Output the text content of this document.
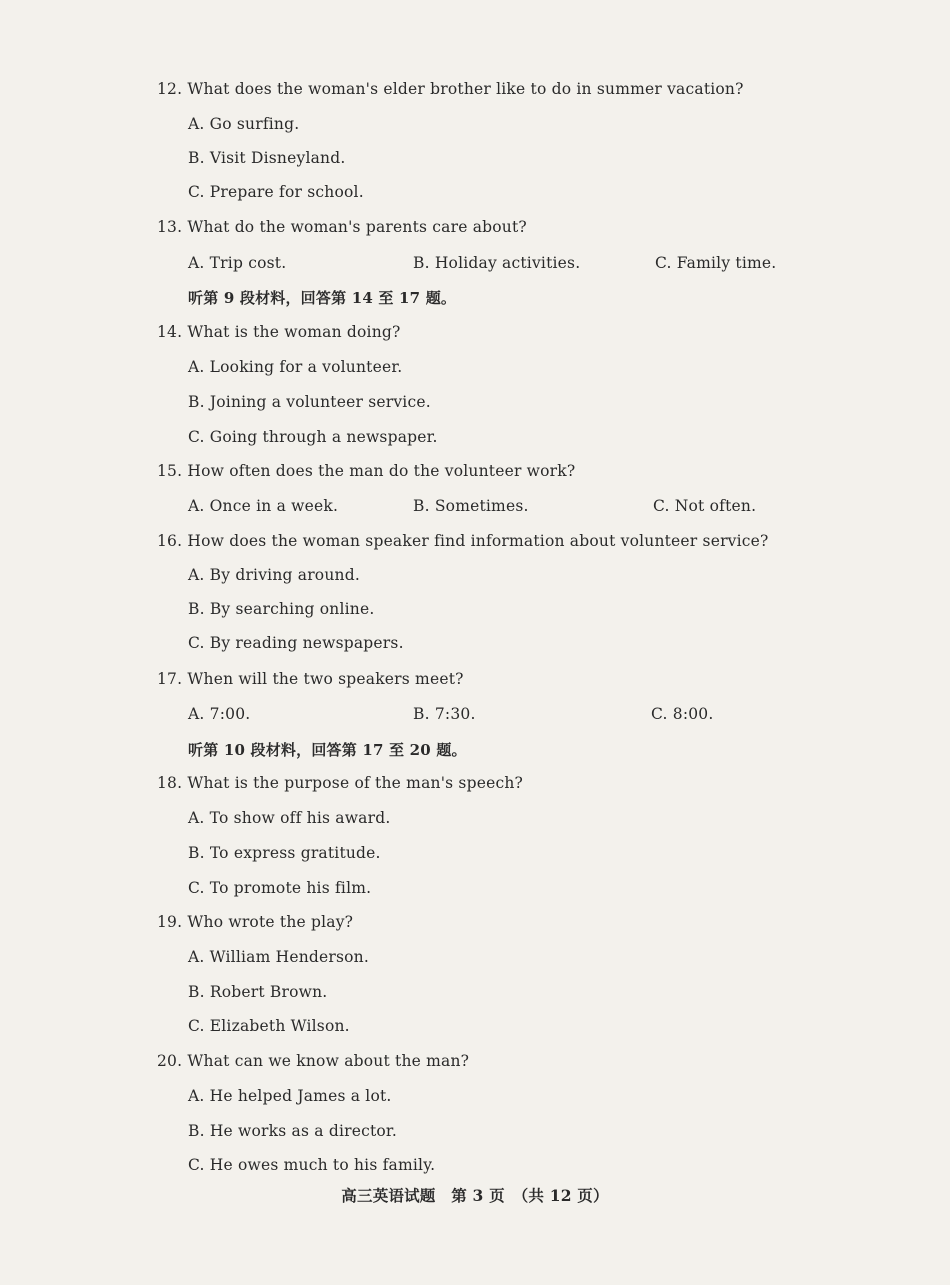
12. What does the woman's elder brother like to do in summer vacation?
A. Go surfing.
B. Visit Disneyland.
C. Prepare for school.
13. What do the woman's parents care about?
A. Trip cost.	B. Holiday activities.	C. Family time.
听第 9 段材料，回答第 14 至 17 题。
14. What is the woman doing?
A. Looking for a volunteer.
B. Joining a volunteer service.
C. Going through a newspaper.
15. How often does the man do the volunteer work?
A. Once in a week.	B. Sometimes.	C. Not often.
16. How does the woman speaker find information about volunteer service?
A. By driving around.
B. By searching online.
C. By reading newspapers.
17. When will the two speakers meet?
A. 7:00.	B. 7:30.	C. 8:00.
听第 10 段材料，回答第 17 至 20 题。
18. What is the purpose of the man's speech?
A. To show off his award.
B. To express gratitude.
C. To promote his film.
19. Who wrote the play?
A. William Henderson.
B. Robert Brown.
C. Elizabeth Wilson.
20. What can we know about the man?
A. He helped James a lot.
B. He works as a director.
C. He owes much to his family.
高三英语试题　第 3 页　（共 12 页）
